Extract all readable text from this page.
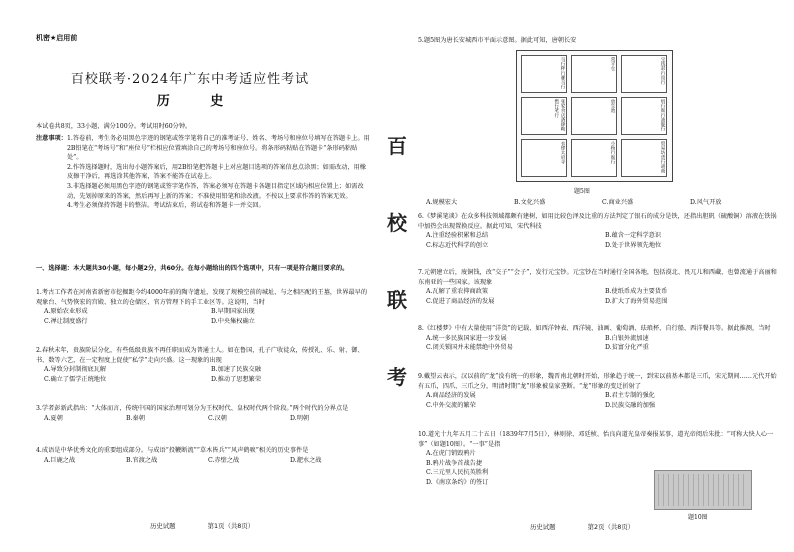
机密★启用前
百校联考·2024年广东中考适应性考试
历 史
本试卷共8页，33小题，满分100分。考试用时60分钟。
注意事项： 1.答卷前，考生务必用黑色字迹的钢笔或签字笔将自己的准考证号、姓名、考场号和座位号填写在答题卡上。用2B铅笔在“考场号”和“座位号”栏相应位置填涂自己的考场号和座位号。将条形码粘贴在答题卡“条形码粘贴处”。
2.作答选择题时，选出每小题答案后，用2B铅笔把答题卡上对应题目选项的答案信息点涂黑；如需改动，用橡皮擦干净后，再选涂其他答案，答案不能答在试卷上。
3.非选择题必须用黑色字迹的钢笔或签字笔作答，答案必须写在答题卡各题目指定区域内相应位置上；如需改动，先划掉原来的答案，然后再写上新的答案；不准使用铅笔和涂改液。不按以上要求作答的答案无效。
4.考生必须保持答题卡的整洁。考试结束后，将试卷和答题卡一并交回。
一、选择题：本大题共30小题，每小题2分，共60分。在每小题给出的四个选项中，只有一项是符合题目要求的。
1.考古工作者在河南省新密市挖掘距今约4000年前的陶寺遗址，发现了规模空前的城址、与之相匹配的王墓，世界最早的观象台、气势恢宏的宫殿、独立的仓储区、官方管理下的手工业区等。这说明，当时
A.原始农业形成	B.早期国家出现
C.禅让制度盛行	D.中央集权确立
2.春秋末年，贵族阶层分化，有些低级贵族不再任职而成为普通士人。如在鲁国，孔子广收徒众，传授礼、乐、射、御、书、数等六艺，在一定程度上促使“私学”走向兴盛。这一现象的出现
A.导致分封制彻底瓦解	B.加速了民族交融
C.确立了儒学正统地位	D.推动了思想繁荣
3.学者彭新武指出：“大体而言，传统中国的国家治理可划分为王权时代、皇权时代两个阶段。”两个时代的分界点是
A.夏朝	B.秦朝	C.汉朝	D.明朝
4.成语是中华优秀文化的重要组成部分。与成语“投鞭断流”“草木皆兵”“风声鹤唳”相关的历史事件是
A.巨鹿之战	B.官渡之战	C.赤壁之战	D.淝水之战
历史试题	第1页（共8页）
百
校
联
考
5.题5图为唐长安城西市平面示意图。据此可知，唐朝长安
马行秤行骡马行	常平仓	宝钱彩行帛行
张家食店酒肆鞍辔行笔行	放生池	绢行麸行油靛行
衣肆太府寺	小杨行麸行	贸易坊货行胡商
题5图
A.规模宏大	B.文化兴盛	C.商业兴盛	D.风气开放
6.《梦溪笔谈》在众多科技领域都颇有建树，如用比较色泽及比重的方法判定了银石的成分是铁，还指出胆矾（硫酸铜）溶液在铁锅中加热会出现置换反应。据此可知，宋代科技
A.注重经验积累和总结	B.蕴含一定科学意识
C.标志近代科学的创立	D.处于世界领先地位
7.元朝建立后，废铜钱，改“交子”“会子”，发行元宝钞。元宝钞在当时通行全国各地，包括漠北、畏兀儿和西藏，也曾流通于高丽和东南亚的一些国家。该现象
A.瓦解了重农抑商政策	B.使纸币成为主要货币
C.促进了商品经济的发展	D.扩大了海外贸易范围
8.《红楼梦》中有大量使用“洋货”的记载，如西洋钟表、西洋镜、油画、葡萄酒、珐琅杯、自行船、西洋餐具等。据此推测，当时
A.统一多民族国家进一步发展	B.白银外流加速
C.闭关锁国并未能禁绝中外贸易	D.贫富分化严重
9.戴望云表示，汉以前的“龙”没有统一的形象，魏晋南北朝时开始，形象趋于统一，到宋以前基本都是三爪，宋元期间……元代开始有五爪，四爪、三爪之分，明清时期“龙”形象被皇家垄断。“龙”形象的变迁折射了
A.商品经济的发展	B.君主专制的强化
C.中外交流的繁荣	D.民族交融的加强
10.道光十九年五月二十五日（1839年7月5日），林则徐、邓廷桢、怡良向道光皇帝奏报某事，道光帝阅后朱批：“可称大快人心一事”（如题10图）。“一事”是指
A.在虎门销毁鸦片
B.鸦片战争首战告捷
C.三元里人民抗英胜利
D.《南京条约》的签订
题10图
历史试题	第2页（共8页）
